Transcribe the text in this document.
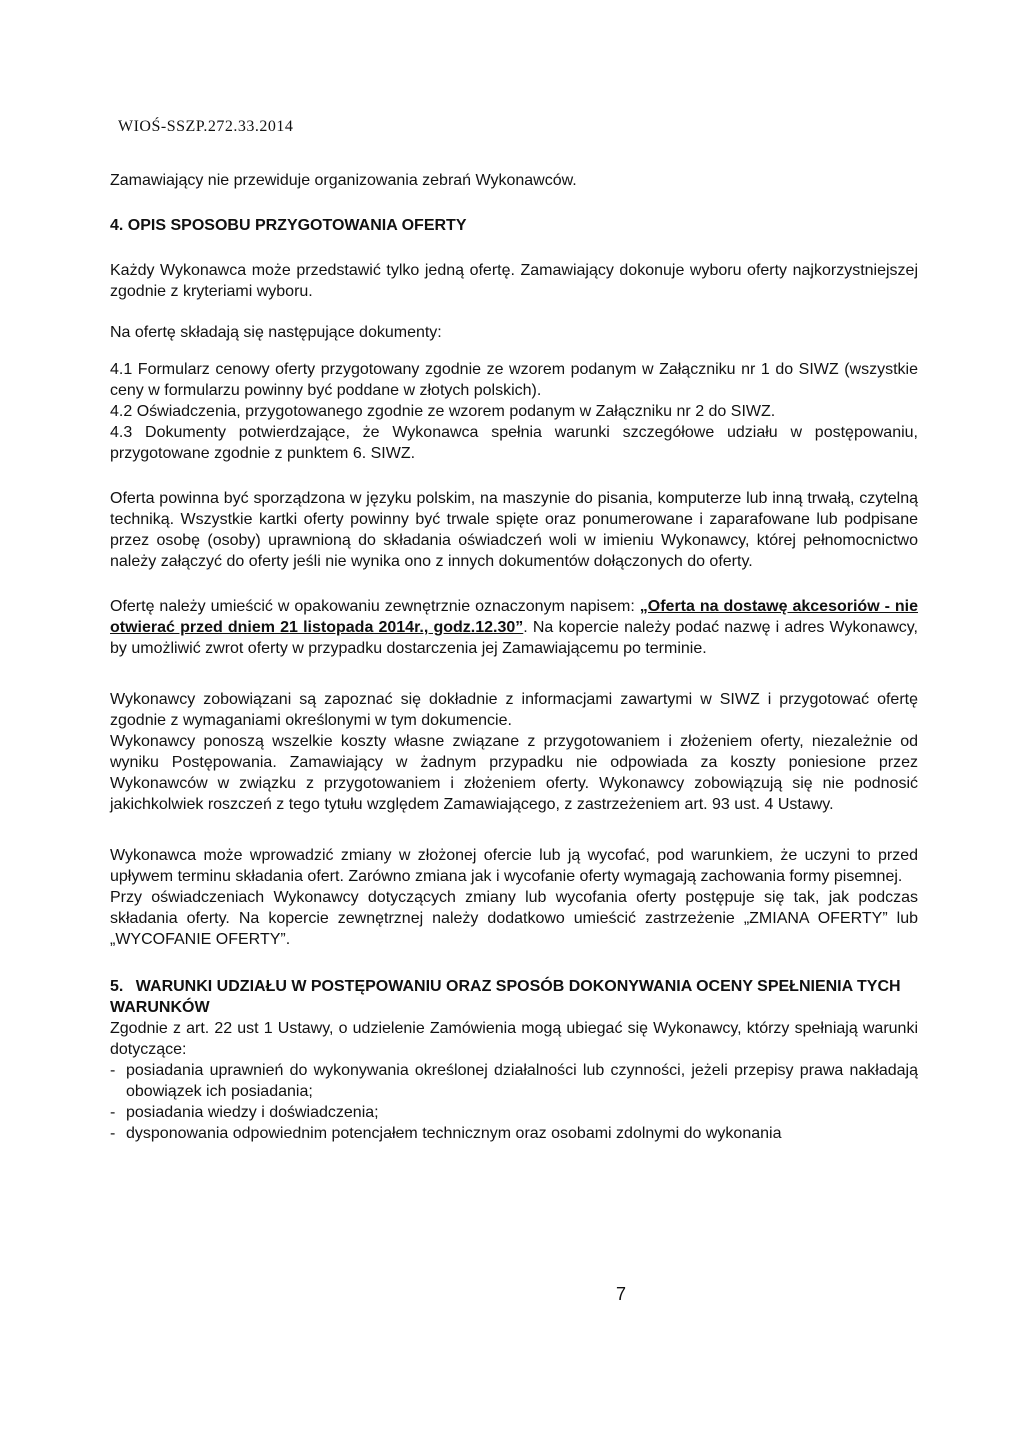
WIOŚ-SSZP.272.33.2014

Zamawiający nie przewiduje organizowania zebrań Wykonawców.

4. OPIS SPOSOBU PRZYGOTOWANIA OFERTY

Każdy Wykonawca może przedstawić tylko jedną ofertę. Zamawiający dokonuje wyboru oferty najkorzystniejszej zgodnie z kryteriami wyboru.

Na ofertę składają się następujące dokumenty:

4.1 Formularz cenowy oferty przygotowany zgodnie ze wzorem podanym w Załączniku nr 1 do SIWZ (wszystkie ceny w formularzu powinny być poddane w złotych polskich).

4.2 Oświadczenia, przygotowanego zgodnie ze wzorem podanym w Załączniku nr 2 do SIWZ.

4.3 Dokumenty potwierdzające, że Wykonawca spełnia warunki szczegółowe udziału w postępowaniu, przygotowane zgodnie z punktem 6. SIWZ.

Oferta powinna być sporządzona w języku polskim, na maszynie do pisania, komputerze lub inną trwałą, czytelną techniką. Wszystkie kartki oferty powinny być trwale spięte oraz ponumerowane i zaparafowane lub podpisane przez osobę (osoby) uprawnioną do składania oświadczeń woli w imieniu Wykonawcy, której pełnomocnictwo należy załączyć do oferty jeśli nie wynika ono z innych dokumentów dołączonych do oferty.

Ofertę należy umieścić w opakowaniu zewnętrznie oznaczonym napisem: „Oferta na dostawę akcesoriów - nie otwierać przed dniem 21 listopada 2014r., godz.12.30”. Na kopercie należy podać nazwę i adres Wykonawcy, by umożliwić zwrot oferty w przypadku dostarczenia jej Zamawiającemu po terminie.

Wykonawcy zobowiązani są zapoznać się dokładnie z informacjami zawartymi w SIWZ i przygotować ofertę zgodnie z wymaganiami określonymi w tym dokumencie.

Wykonawcy ponoszą wszelkie koszty własne związane z przygotowaniem i złożeniem oferty, niezależnie od wyniku Postępowania. Zamawiający w żadnym przypadku nie odpowiada za koszty poniesione przez Wykonawców w związku z przygotowaniem i złożeniem oferty. Wykonawcy zobowiązują się nie podnosić jakichkolwiek roszczeń z tego tytułu względem Zamawiającego, z zastrzeżeniem art. 93 ust. 4 Ustawy.

Wykonawca może wprowadzić zmiany w złożonej ofercie lub ją wycofać, pod warunkiem, że uczyni to przed upływem terminu składania ofert. Zarówno zmiana jak i wycofanie oferty wymagają zachowania formy pisemnej.

Przy oświadczeniach Wykonawcy dotyczących zmiany lub wycofania oferty postępuje się tak, jak podczas składania oferty. Na kopercie zewnętrznej należy dodatkowo umieścić zastrzeżenie „ZMIANA OFERTY” lub „WYCOFANIE OFERTY”.

5. WARUNKI UDZIAŁU W POSTĘPOWANIU ORAZ SPOSÓB DOKONYWANIA OCENY SPEŁNIENIA TYCH WARUNKÓW

Zgodnie z art. 22 ust 1 Ustawy, o udzielenie Zamówienia mogą ubiegać się Wykonawcy, którzy spełniają warunki dotyczące:

- posiadania uprawnień do wykonywania określonej działalności lub czynności, jeżeli przepisy prawa nakładają obowiązek ich posiadania;
- posiadania wiedzy i doświadczenia;
- dysponowania odpowiednim potencjałem technicznym oraz osobami zdolnymi do wykonania
7
